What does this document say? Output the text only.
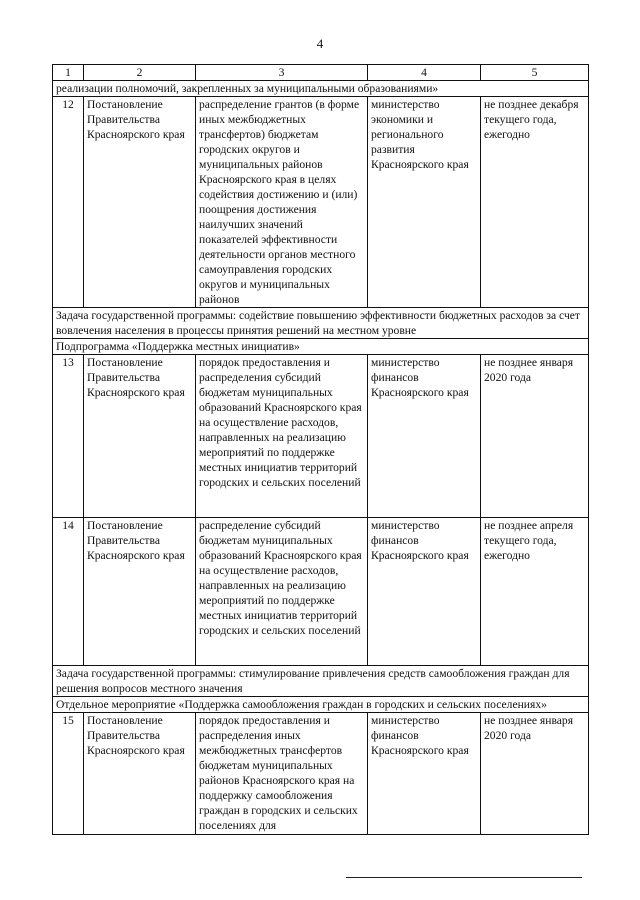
4
1	2	3	4	5
реализации полномочий, закрепленных за муниципальными образованиями»				
12	Постановление Правительства Красноярского края	распределение грантов (в форме иных межбюджетных трансфертов) бюджетам городских округов и муниципальных районов Красноярского края в целях содействия достижению и (или) поощрения достижения наилучших значений показателей эффективности деятельности органов местного самоуправления городских округов и муниципальных районов	министерство экономики и регионального развития Красноярского края	не позднее декабря текущего года, ежегодно
Задача государственной программы: содействие повышению эффективности бюджетных расходов за счет вовлечения населения в процессы принятия решений на местном уровне				
Подпрограмма «Поддержка местных инициатив»				
13	Постановление Правительства Красноярского края	порядок предоставления и распределения субсидий бюджетам муниципальных образований Красноярского края на осуществление расходов, направленных на реализацию мероприятий по поддержке местных инициатив территорий городских и сельских поселений	министерство финансов Красноярского края	не позднее января 2020 года
14	Постановление Правительства Красноярского края	распределение субсидий бюджетам муниципальных образований Красноярского края на осуществление расходов, направленных на реализацию мероприятий по поддержке местных инициатив территорий городских и сельских поселений	министерство финансов Красноярского края	не позднее апреля текущего года, ежегодно
Задача государственной программы: стимулирование привлечения средств самообложения граждан для решения вопросов местного значения				
Отдельное мероприятие «Поддержка самообложения граждан в городских и сельских поселениях»				
15	Постановление Правительства Красноярского края	порядок предоставления и распределения иных межбюджетных трансфертов бюджетам муниципальных районов Красноярского края на поддержку самообложения граждан в городских и сельских поселениях для	министерство финансов Красноярского края	не позднее января 2020 года
